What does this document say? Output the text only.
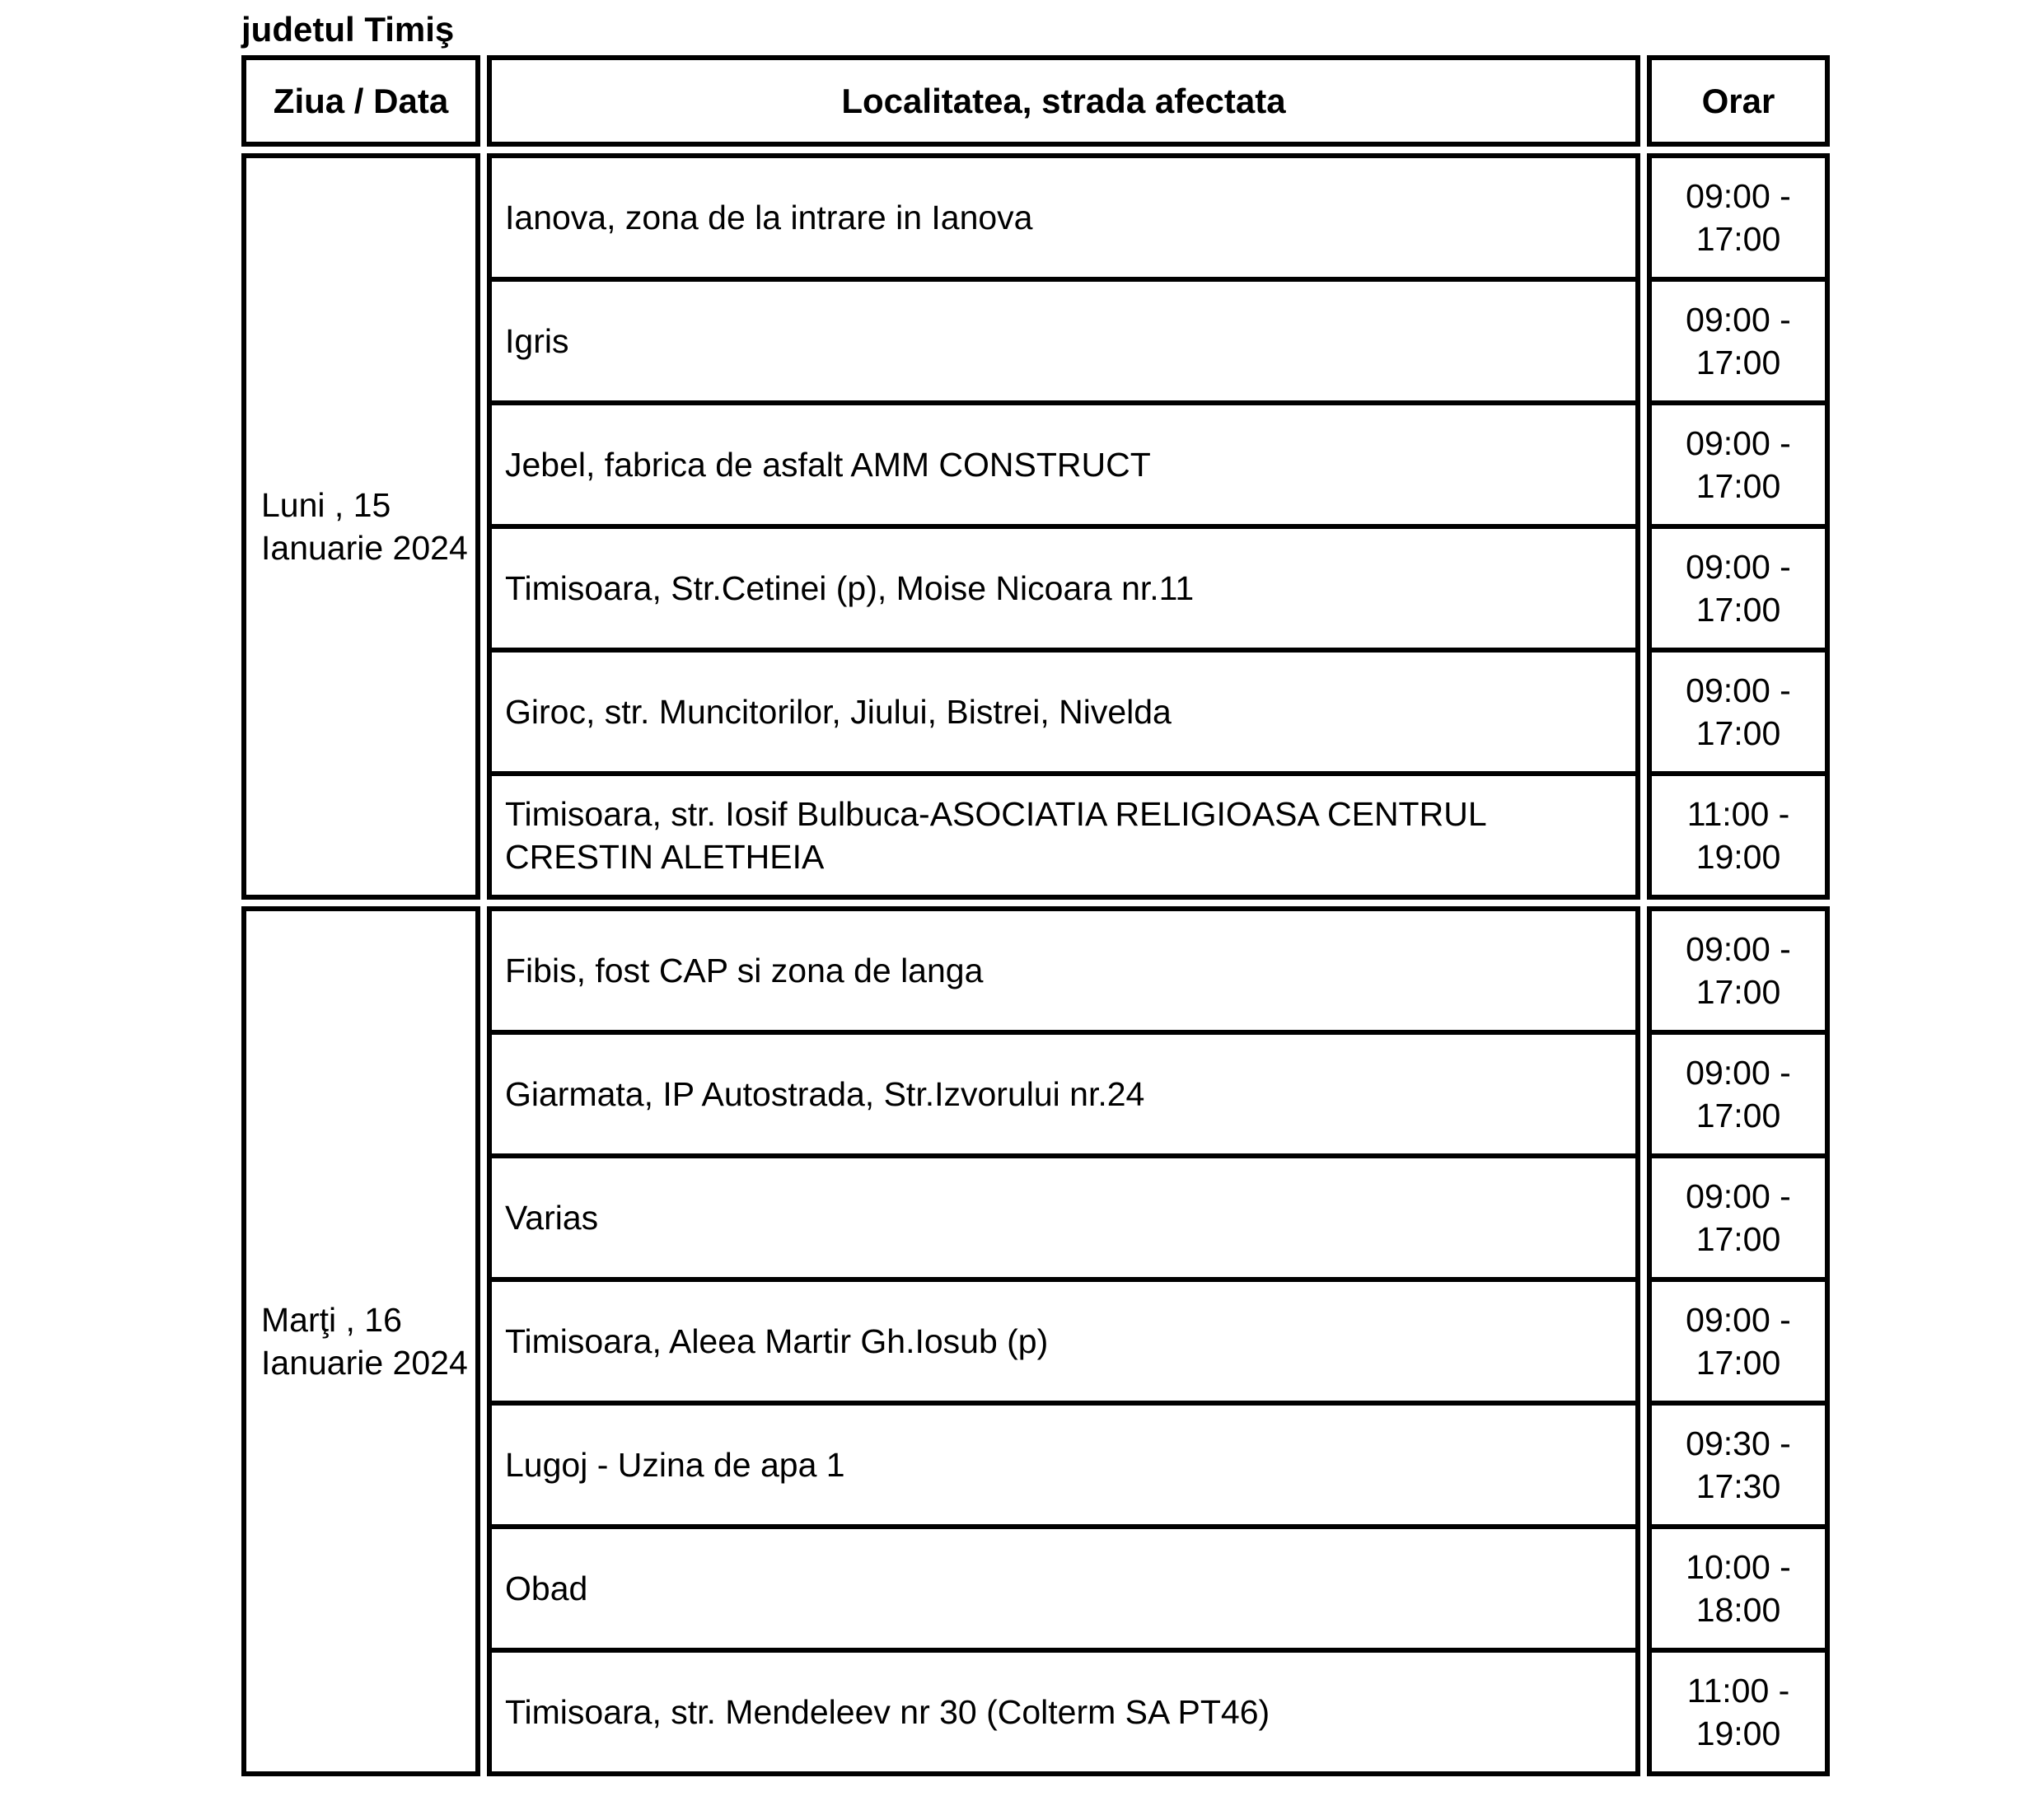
judetul Timiş
Ziua / Data	Localitatea, strada afectata	Orar
Luni , 15 Ianuarie 2024
Ianova, zona de la intrare in Ianova
Igris
Jebel, fabrica de asfalt AMM CONSTRUCT
Timisoara, Str.Cetinei (p), Moise Nicoara nr.11
Giroc, str. Muncitorilor, Jiului, Bistrei, Nivelda
Timisoara, str. Iosif Bulbuca-ASOCIATIA RELIGIOASA CENTRUL CRESTIN ALETHEIA
09:00 - 17:00
09:00 - 17:00
09:00 - 17:00
09:00 - 17:00
09:00 - 17:00
11:00 - 19:00
Marţi , 16 Ianuarie 2024
Fibis, fost CAP si zona de langa
Giarmata, IP Autostrada, Str.Izvorului nr.24
Varias
Timisoara, Aleea Martir Gh.Iosub (p)
Lugoj - Uzina de apa 1
Obad
Timisoara, str. Mendeleev nr 30 (Colterm SA PT46)
09:00 - 17:00
09:00 - 17:00
09:00 - 17:00
09:00 - 17:00
09:30 - 17:30
10:00 - 18:00
11:00 - 19:00
